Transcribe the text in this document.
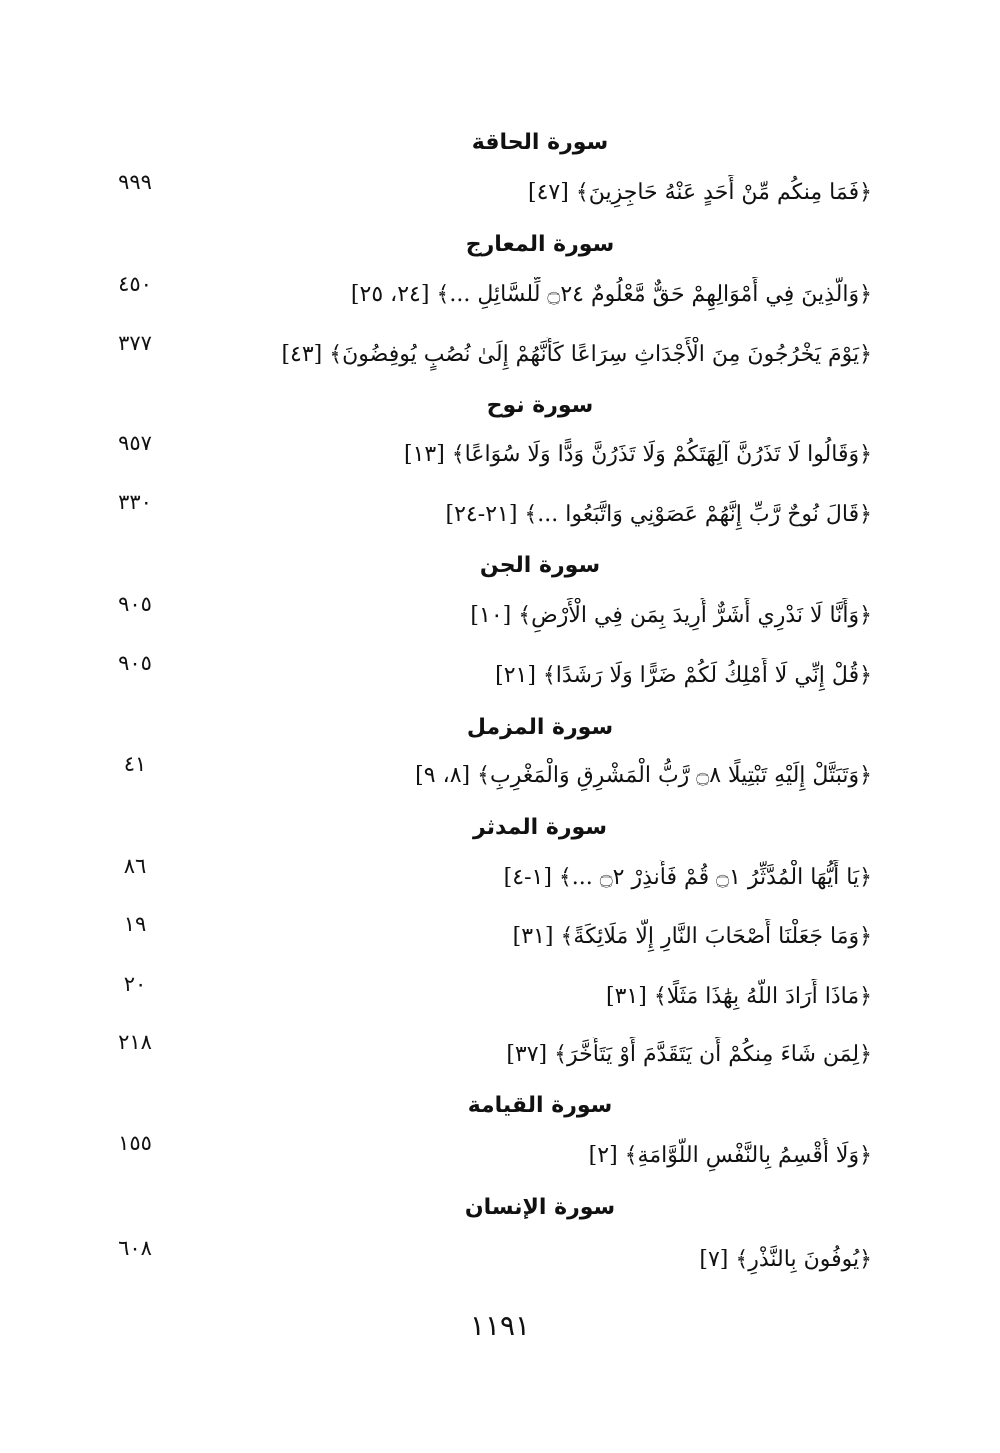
سورة الحاقة
﴿فَمَا مِنكُم مِّنْ أَحَدٍ عَنْهُ حَاجِزِينَ﴾ [٤٧]
٩٩٩
سورة المعارج
﴿وَالَّذِينَ فِي أَمْوَالِهِمْ حَقٌّ مَّعْلُومٌ ۝٢٤ لِّلسَّائِلِ ...﴾ [٢٤، ٢٥]
٤٥٠
﴿يَوْمَ يَخْرُجُونَ مِنَ الْأَجْدَاثِ سِرَاعًا كَأَنَّهُمْ إِلَىٰ نُصُبٍ يُوفِضُونَ﴾ [٤٣]
٣٧٧
سورة نوح
﴿وَقَالُوا لَا تَذَرُنَّ آلِهَتَكُمْ وَلَا تَذَرُنَّ وَدًّا وَلَا سُوَاعًا﴾ [١٣]
٩٥٧
﴿قَالَ نُوحٌ رَّبِّ إِنَّهُمْ عَصَوْنِي وَاتَّبَعُوا ...﴾ [٢١-٢٤]
٣٣٠
سورة الجن
﴿وَأَنَّا لَا نَدْرِي أَشَرٌّ أُرِيدَ بِمَن فِي الْأَرْضِ﴾ [١٠]
٩٠٥
﴿قُلْ إِنِّي لَا أَمْلِكُ لَكُمْ ضَرًّا وَلَا رَشَدًا﴾ [٢١]
٩٠٥
سورة المزمل
﴿وَتَبَتَّلْ إِلَيْهِ تَبْتِيلًا ۝٨ رَّبُّ الْمَشْرِقِ وَالْمَغْرِبِ﴾ [٨، ٩]
٤١
سورة المدثر
﴿يَا أَيُّهَا الْمُدَّثِّرُ ۝١ قُمْ فَأَنذِرْ ۝٢ ...﴾ [١-٤]
٨٦
﴿وَمَا جَعَلْنَا أَصْحَابَ النَّارِ إِلَّا مَلَائِكَةً﴾ [٣١]
١٩
﴿مَاذَا أَرَادَ اللَّهُ بِهَٰذَا مَثَلًا﴾ [٣١]
٢٠
﴿لِمَن شَاءَ مِنكُمْ أَن يَتَقَدَّمَ أَوْ يَتَأَخَّرَ﴾ [٣٧]
٢١٨
سورة القيامة
﴿وَلَا أُقْسِمُ بِالنَّفْسِ اللَّوَّامَةِ﴾ [٢]
١٥٥
سورة الإنسان
﴿يُوفُونَ بِالنَّذْرِ﴾ [٧]
٦٠٨
١١٩١
